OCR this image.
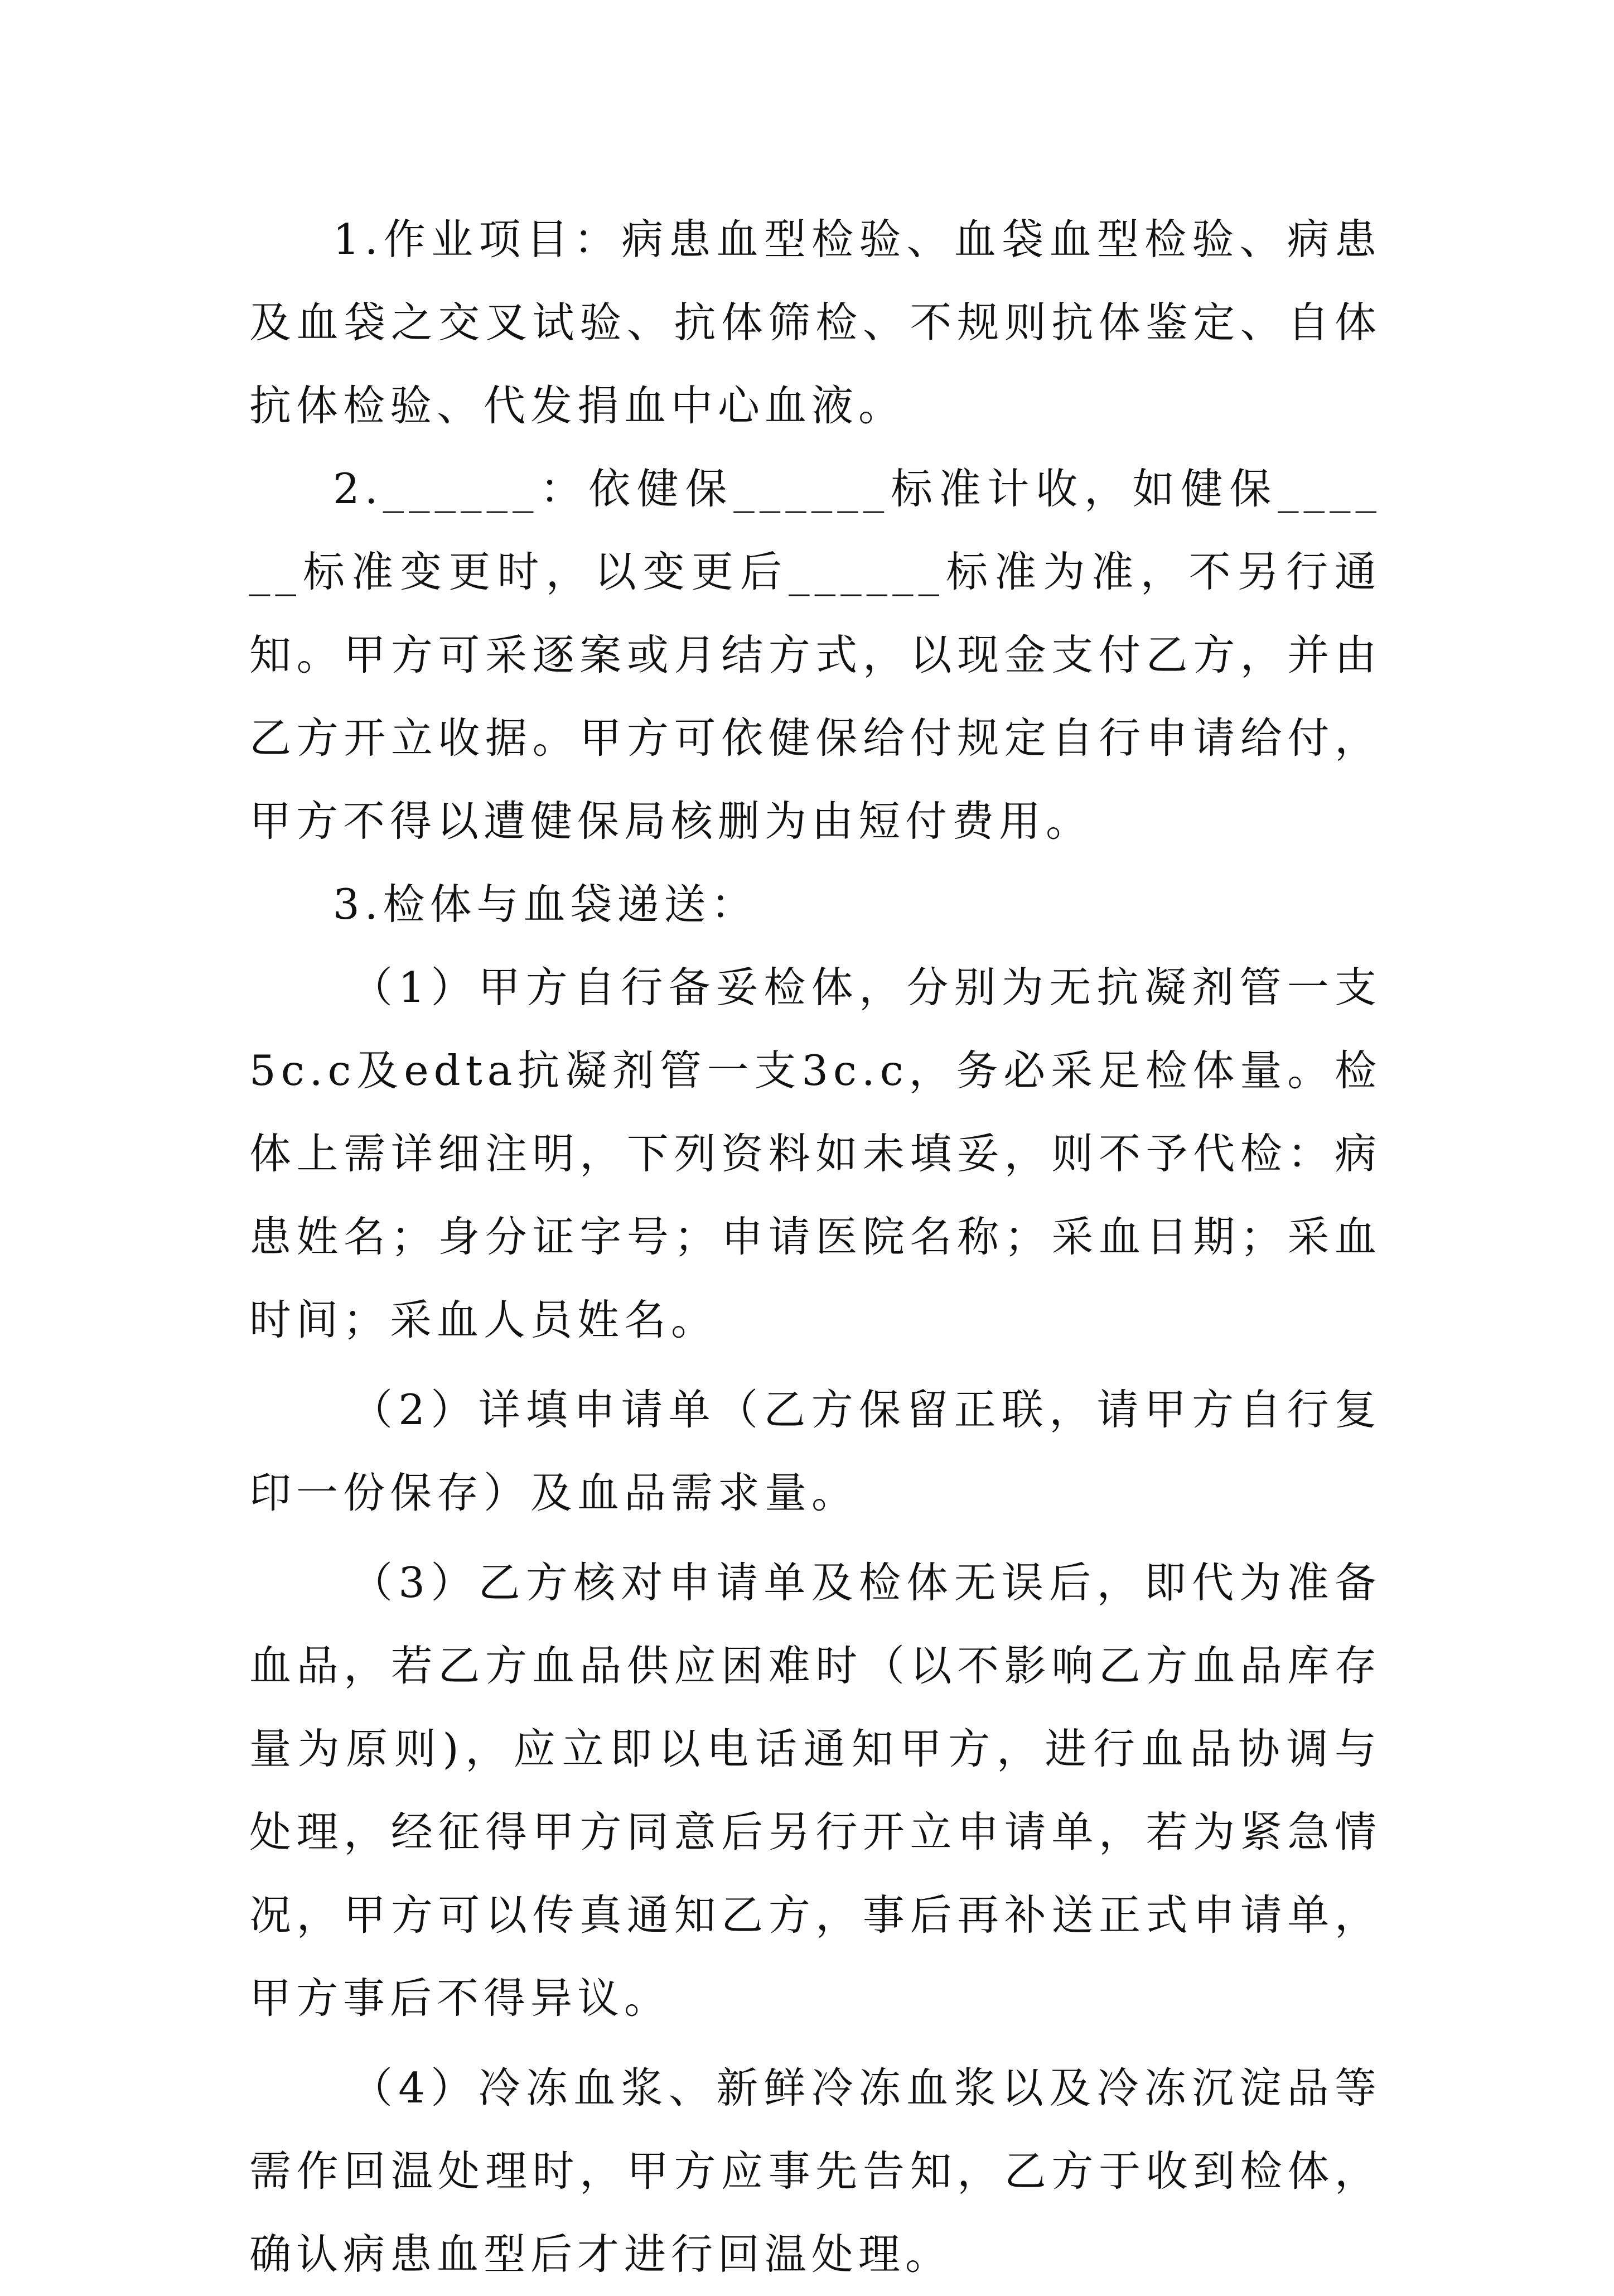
1.作业项目：病患血型检验、血袋血型检验、病患及血袋之交叉试验、抗体筛检、不规则抗体鉴定、自体抗体检验、代发捐血中心血液。

2.______：依健保______标准计收，如健保______标准变更时，以变更后______标准为准，不另行通知。甲方可采逐案或月结方式，以现金支付乙方，并由乙方开立收据。甲方可依健保给付规定自行申请给付，甲方不得以遭健保局核删为由短付费用。

3.检体与血袋递送：

（1）甲方自行备妥检体，分别为无抗凝剂管一支5c.c及edta抗凝剂管一支3c.c，务必采足检体量。检体上需详细注明，下列资料如未填妥，则不予代检：病患姓名；身分证字号；申请医院名称；采血日期；采血时间；采血人员姓名。

（2）详填申请单（乙方保留正联，请甲方自行复印一份保存）及血品需求量。

（3）乙方核对申请单及检体无误后，即代为准备血品，若乙方血品供应困难时（以不影响乙方血品库存量为原则)，应立即以电话通知甲方，进行血品协调与处理，经征得甲方同意后另行开立申请单，若为紧急情况，甲方可以传真通知乙方，事后再补送正式申请单，甲方事后不得异议。

（4）冷冻血浆、新鲜冷冻血浆以及冷冻沉淀品等需作回温处理时，甲方应事先告知，乙方于收到检体，确认病患血型后才进行回温处理。
